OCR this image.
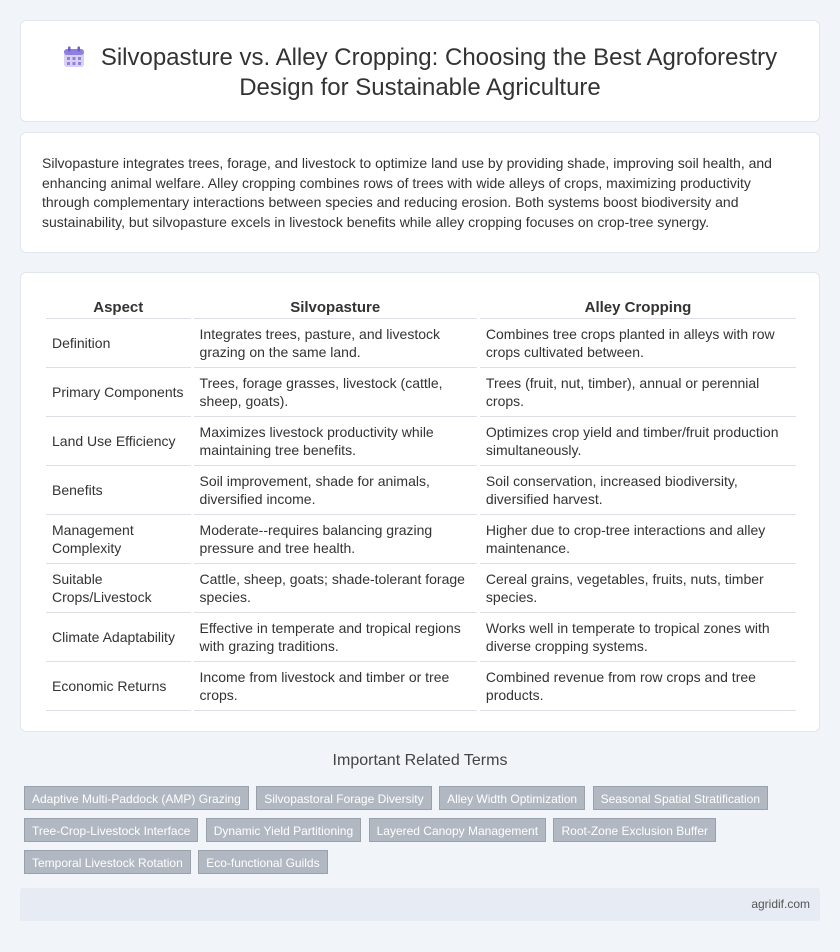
Silvopasture vs. Alley Cropping: Choosing the Best Agroforestry Design for Sustainable Agriculture

Silvopasture integrates trees, forage, and livestock to optimize land use by providing shade, improving soil health, and enhancing animal welfare. Alley cropping combines rows of trees with wide alleys of crops, maximizing productivity through complementary interactions between species and reducing erosion. Both systems boost biodiversity and sustainability, but silvopasture excels in livestock benefits while alley cropping focuses on crop-tree synergy.

Aspect	Silvopasture	Alley Cropping
Definition	Integrates trees, pasture, and livestock grazing on the same land.	Combines tree crops planted in alleys with row crops cultivated between.
Primary Components	Trees, forage grasses, livestock (cattle, sheep, goats).	Trees (fruit, nut, timber), annual or perennial crops.
Land Use Efficiency	Maximizes livestock productivity while maintaining tree benefits.	Optimizes crop yield and timber/fruit production simultaneously.
Benefits	Soil improvement, shade for animals, diversified income.	Soil conservation, increased biodiversity, diversified harvest.
Management Complexity	Moderate--requires balancing grazing pressure and tree health.	Higher due to crop-tree interactions and alley maintenance.
Suitable Crops/Livestock	Cattle, sheep, goats; shade-tolerant forage species.	Cereal grains, vegetables, fruits, nuts, timber species.
Climate Adaptability	Effective in temperate and tropical regions with grazing traditions.	Works well in temperate to tropical zones with diverse cropping systems.
Economic Returns	Income from livestock and timber or tree crops.	Combined revenue from row crops and tree products.
Important Related Terms
Adaptive Multi-Paddock (AMP) Grazing Silvopastoral Forage Diversity Alley Width Optimization Seasonal Spatial Stratification Tree-Crop-Livestock Interface Dynamic Yield Partitioning Layered Canopy Management Root-Zone Exclusion Buffer Temporal Livestock Rotation Eco-functional Guilds
agridif.com
